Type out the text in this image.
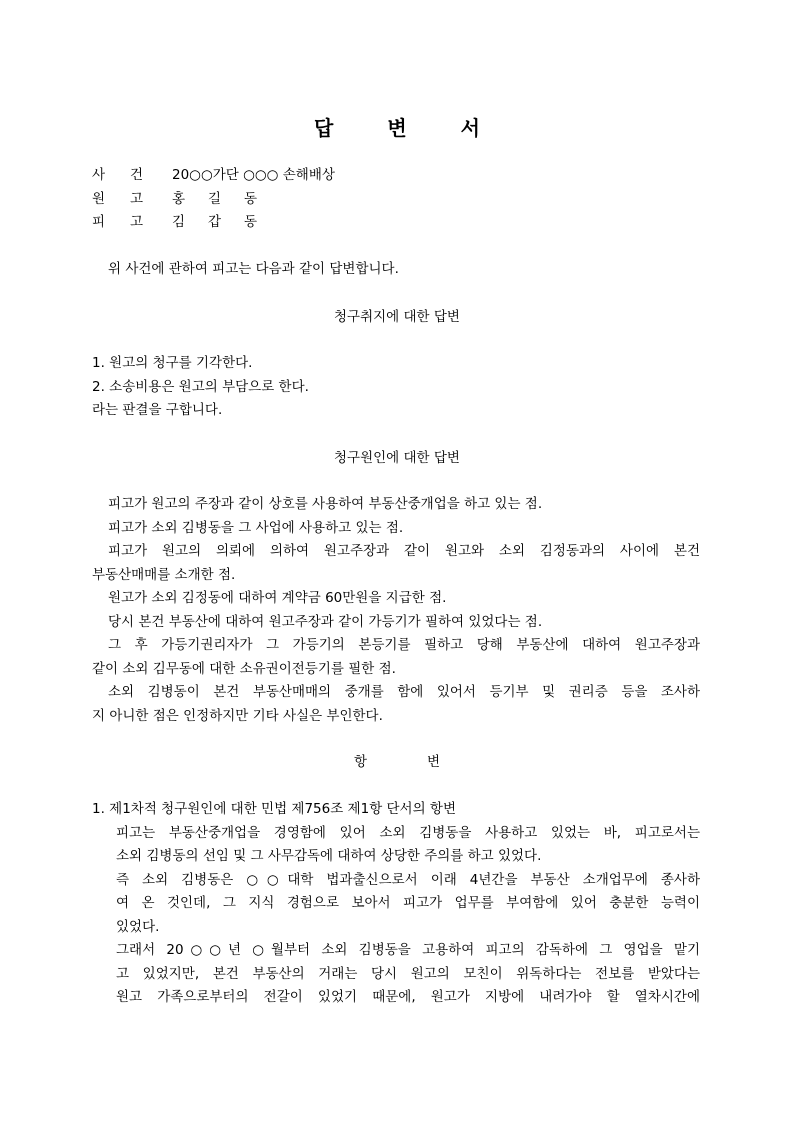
답	변	서
사 건 20○○가단 ○○○ 손해배상
원 고 홍 길 동
피 고 김 갑 동
위 사건에 관하여 피고는 다음과 같이 답변합니다.
청구취지에 대한 답변
1. 원고의 청구를 기각한다.
2. 소송비용은 원고의 부담으로 한다.
라는 판결을 구합니다.
청구원인에 대한 답변
피고가 원고의 주장과 같이 상호를 사용하여 부동산중개업을 하고 있는 점.
피고가 소외 김병동을 그 사업에 사용하고 있는 점.
피고가 원고의 의뢰에 의하여 원고주장과 같이 원고와 소외 김정동과의 사이에 본건
부동산매매를 소개한 점.
원고가 소외 김정동에 대하여 계약금 60만원을 지급한 점.
당시 본건 부동산에 대하여 원고주장과 같이 가등기가 필하여 있었다는 점.
그 후 가등기권리자가 그 가등기의 본등기를 필하고 당해 부동산에 대하여 원고주장과
같이 소외 김무동에 대한 소유권이전등기를 필한 점.
소외 김병동이 본건 부동산매매의 중개를 함에 있어서 등기부 및 권리증 등을 조사하
지 아니한 점은 인정하지만 기타 사실은 부인한다.
항	변
1. 제1차적 청구원인에 대한 민법 제756조 제1항 단서의 항변
피고는 부동산중개업을 경영함에 있어 소외 김병동을 사용하고 있었는 바, 피고로서는
소외 김병동의 선임 및 그 사무감독에 대하여 상당한 주의를 하고 있었다.
즉 소외 김병동은 ○○대학 법과출신으로서 이래 4년간을 부동산 소개업무에 종사하
여 온 것인데, 그 지식 경험으로 보아서 피고가 업무를 부여함에 있어 충분한 능력이
있었다.
그래서 20○○년 ○월부터 소외 김병동을 고용하여 피고의 감독하에 그 영업을 맡기
고 있었지만, 본건 부동산의 거래는 당시 원고의 모친이 위독하다는 전보를 받았다는
원고 가족으로부터의 전갈이 있었기 때문에, 원고가 지방에 내려가야 할 열차시간에
